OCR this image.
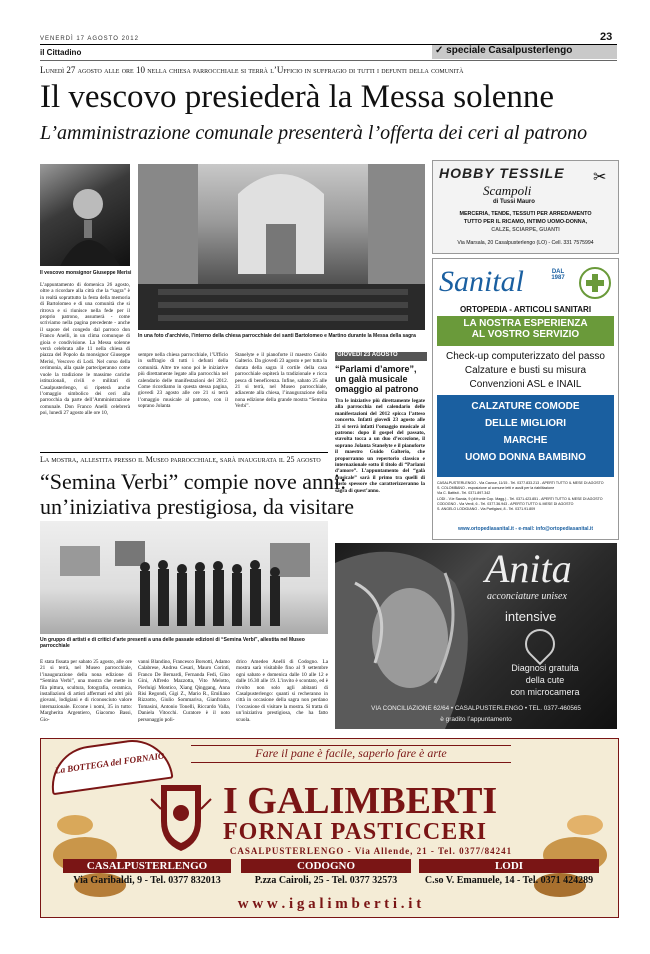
VENERDÌ 17 AGOSTO 2012	23
il Cittadino	✓ speciale Casalpusterlengo
Lunedì 27 agosto alle ore 10 nella chiesa parrocchiale si terrà l’Ufficio in suffragio di tutti i defunti della comunità
Il vescovo presiederà la Messa solenne
L’amministrazione comunale presenterà l’offerta dei ceri al patrono
Il vescovo monsignor Giuseppe Merisi
In una foto d’archivio, l’interno della chiesa parrocchiale dei santi Bartolomeo e Martino durante la Messa della sagra
L’appuntamento di domenica 26 agosto, oltre a ricordare alla città che la “sagra” è in realtà soprattutto la festa della memoria di Bartolomeo e di una comunità che si ritrova e si riunisce nella fede per il proprio patrono, assumerà - come scriviamo nella pagina precedente - anche il sapore del congedo dal parroco don Franco Anelli, in un clima comunque di gioia e condivisione. La Messa solenne verrà celebrata alle 11 nella chiesa di piazza del Popolo da monsignor Giuseppe Merisi, Vescovo di Lodi. Nel corso della cerimonia, alla quale parteciperanno come vuole la tradizione le massime cariche istituzionali, civili e militari di Casalpusterlengo, si ripeterà anche l’omaggio simbolico dei ceri alla parrocchia da parte dell’Amministrazione comunale. Don Franco Anelli celebrerà poi, lunedì 27 agosto alle ore 10,
sempre nella chiesa parrocchiale, l’Ufficio in suffragio di tutti i defunti della comunità. Altre tre sono poi le iniziative più direttamente legate alla parrocchia nel calendario delle manifestazioni del 2012. Come ricordiamo in questa stessa pagina, giovedì 23 agosto alle ore 21 si terrà l’omaggio musicale al patrono, con il soprano Jolanta
Stanelyte e il pianoforte il maestro Guido Galterio. Da giovedì 23 agosto e per tutta la durata della sagra il cortile della casa parrocchiale ospiterà la tradizionale e ricca pesca di beneficenza. Infine, sabato 25 alle 21 si terrà, nel Museo parrocchiale, adiacente alla chiesa, l’inaugurazione della nona edizione della grande mostra “Semina Verbi”.
GIOVEDÌ 23 AGOSTO
“Parlami d’amore”, un galà musicale omaggio al patrono
Tra le iniziative più direttamente legate alla parrocchia nel calendario delle manifestazioni del 2012 spicca l’atteso concerto. Infatti giovedì 23 agosto alle 21 si terrà infatti l’omaggio musicale al patrono: dopo il gospel del passato, stavolta tocca a un duo d’eccezione, il soprano Jolanta Stanelyte e il pianoforte il maestro Guido Galterio, che proporranno un repertorio classico e internazionale sotto il titolo di “Parlami d’amore”. L’appuntamento del “galà musicale” sarà il primo tra quelli di vasto spessore che caratterizzeranno la sagra di quest’anno.
La mostra, allestita presso il Museo parrocchiale, sarà inaugurata il 25 agosto
“Semina Verbi” compie nove anni:
un’iniziativa prestigiosa, da visitare
Un gruppo di artisti e di critici d’arte presenti a una delle passate edizioni di “Semina Verbi”, allestita nel Museo parrocchiale
È stata fissata per sabato 25 agosto, alle ore 21 si terrà, nel Museo parrocchiale, l’inaugurazione della nona edizione di “Semina Verbi”, una mostra che mette in fila pittura, scultura, fotografia, ceramica, installazioni di artisti affermati ed altri più giovani, lodigiani e di riconosciuto valore internazionale. Eccone i nomi, 35 in tutto: Margherita Argentiero, Giacomo Bassi, Gio-
vanni Blandino, Francesco Borsotti, Adamo Calabrese, Andrea Cesari, Mauro Corinti, Franco De Bernardi, Fernanda Fedi, Gino Gini, Alfredo Mazzotta, Vito Melotto, Pierluigi Montico, Xiang Qinggang, Anna Risi Regondi, Gigi Z., Mario R., Emiliano Rizzotto, Giulio Sommariva, Gianfranco Tomasini, Antonio Tonelli, Riccardo Valla, Daniela Vitocchi. Curatore è il noto personaggio poli-
drico Amedeo Anelli di Codogno. La mostra sarà visitabile fino al 9 settembre ogni sabato e domenica dalle 10 alle 12 e dalle 16.30 alle 19. L’invito è scontato, ed è rivolto non solo agli abitanti di Casalpusterlengo: quanti si recheranno in città in occasione della sagra non perdano l’occasione di visitare la mostra. Si tratta di un’iniziativa prestigiosa, che ha fatto scuola.
HOBBY TESSILE
Scampoli
✂
di Tussi Mauro
MERCERIA, TENDE, TESSUTI PER ARREDAMENTO
TUTTO PER IL RICAMO, INTIMO UOMO-DONNA,
CALZE, SCIARPE, GUANTI
Via Marsala, 20 Casalpusterlengo (LO) - Cell. 331 7575994
Sanital	DAL 1987
ORTOPEDIA - ARTICOLI SANITARI
LA NOSTRA ESPERIENZA
AL VOSTRO SERVIZIO
Check-up computerizzato del passo
Calzature e busti su misura
Convenzioni ASL e INAIL
CALZATURE COMODE
DELLE MIGLIORI
MARCHE
UOMO DONNA BAMBINO
CASALPUSTERLENGO - Via Cavour, 11/15 - Tel. 0377.833.213 - APERTI TUTTO IL MESE DI AGOSTO
S. COLOMBANO - esposizione al comune letti e ausili per la riabilitazione
Via C. Battisti - Tel. 0371.897.342
LODI - V.le Savoia, 9 (di fronte Cop. Magg.) - Tel. 0371.423.851 - APERTI TUTTO IL MESE DI AGOSTO
CODOGNO - Via Verdi, 6 - Tel. 0377.36.943 - APERTO TUTTO IL MESE DI AGOSTO
S. ANGELO LODIGIANO - Via Partigiani, 8 - Tel. 0371.91.809
www.ortopediasanital.it - e-mail: info@ortopediasanital.it
Anita
acconciature unisex
intensive
Diagnosi gratuita
della cute
con microcamera
VIA CONCILIAZIONE 62/64 • CASALPUSTERLENGO • TEL. 0377-460565
è gradito l’appuntamento
La BOTTEGA del FORNAIO	Fare il pane è facile, saperlo fare è arte
I GALIMBERTI
FORNAI PASTICCERI
CASALPUSTERLENGO - Via Allende, 21 - Tel. 0377/84241
CASALPUSTERLENGO
Via Garibaldi, 9 - Tel. 0377 832013
CODOGNO
P.zza Cairoli, 25 - Tel. 0377 32573
LODI
C.so V. Emanuele, 14 - Tel. 0371 424289
w w w . i g a l i m b e r t i . i t
